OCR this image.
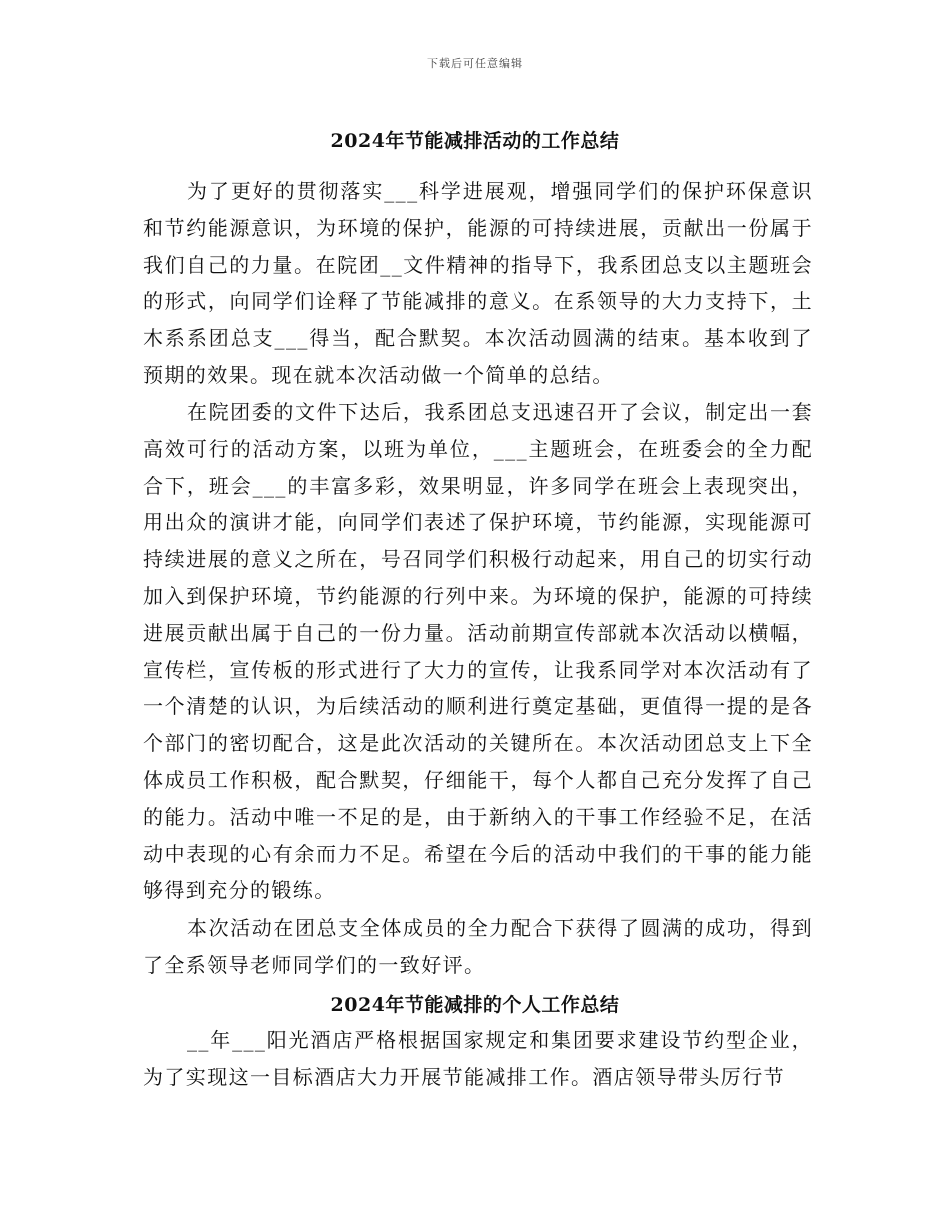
下载后可任意编辑
2024年节能减排活动的工作总结

为了更好的贯彻落实___科学进展观，增强同学们的保护环保意识和节约能源意识，为环境的保护，能源的可持续进展，贡献出一份属于我们自己的力量。在院团__文件精神的指导下，我系团总支以主题班会的形式，向同学们诠释了节能减排的意义。在系领导的大力支持下，土木系系团总支___得当，配合默契。本次活动圆满的结束。基本收到了预期的效果。现在就本次活动做一个简单的总结。

在院团委的文件下达后，我系团总支迅速召开了会议，制定出一套高效可行的活动方案，以班为单位，___主题班会，在班委会的全力配合下，班会___的丰富多彩，效果明显，许多同学在班会上表现突出，用出众的演讲才能，向同学们表述了保护环境，节约能源，实现能源可持续进展的意义之所在，号召同学们积极行动起来，用自己的切实行动加入到保护环境，节约能源的行列中来。为环境的保护，能源的可持续进展贡献出属于自己的一份力量。活动前期宣传部就本次活动以横幅，宣传栏，宣传板的形式进行了大力的宣传，让我系同学对本次活动有了一个清楚的认识，为后续活动的顺利进行奠定基础，更值得一提的是各个部门的密切配合，这是此次活动的关键所在。本次活动团总支上下全体成员工作积极，配合默契，仔细能干，每个人都自己充分发挥了自己的能力。活动中唯一不足的是，由于新纳入的干事工作经验不足，在活动中表现的心有余而力不足。希望在今后的活动中我们的干事的能力能够得到充分的锻练。

本次活动在团总支全体成员的全力配合下获得了圆满的成功，得到了全系领导老师同学们的一致好评。

2024年节能减排的个人工作总结

__年___阳光酒店严格根据国家规定和集团要求建设节约型企业，为了实现这一目标酒店大力开展节能减排工作。酒店领导带头厉行节
